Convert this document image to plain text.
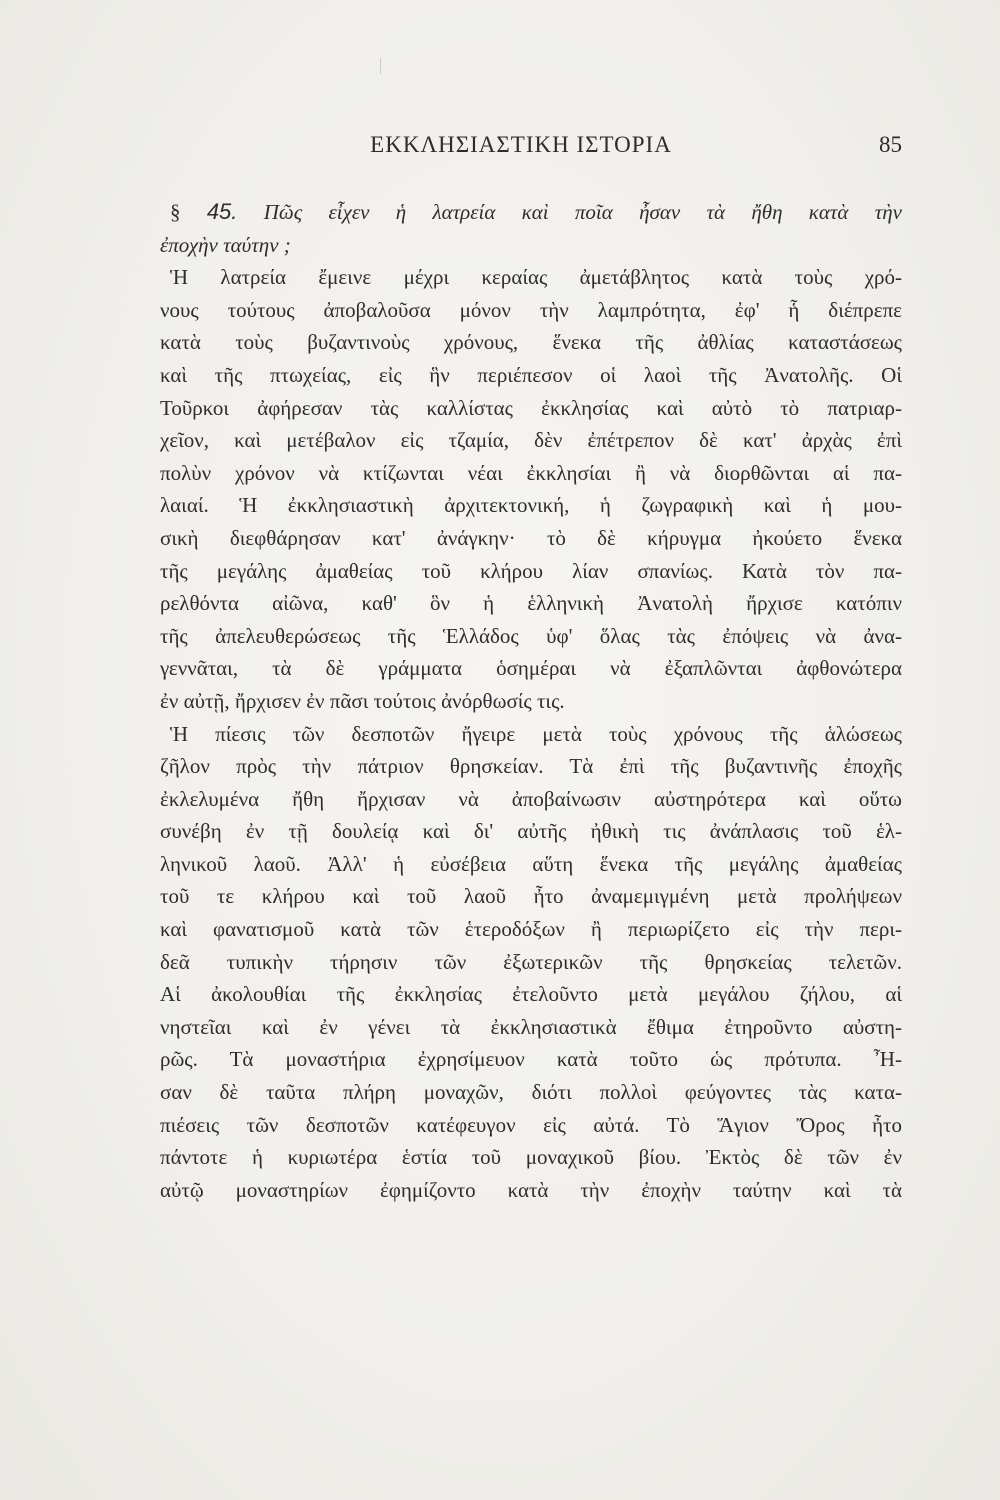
ΕΚΚΛΗΣΙΑΣΤΙΚΗ ΙΣΤΟΡΙΑ	85
§ 45. Πῶς εἶχεν ἡ λατρεία καὶ ποῖα ἦσαν τὰ ἤθη κατὰ τὴν
ἐποχὴν ταύτην ;
Ἡ λατρεία ἔμεινε μέχρι κεραίας ἀμετάβλητος κατὰ τοὺς χρό-
νους τούτους ἀποβαλοῦσα μόνον τὴν λαμπρότητα, ἐφ' ἧ διέπρεπε
κατὰ τοὺς βυζαντινοὺς χρόνους, ἕνεκα τῆς ἀθλίας καταστάσεως
καὶ τῆς πτωχείας, εἰς ἣν περιέπεσον οἱ λαοὶ τῆς Ἀνατολῆς. Οἱ
Τοῦρκοι ἀφήρεσαν τὰς καλλίστας ἐκκλησίας καὶ αὐτὸ τὸ πατριαρ-
χεῖον, καὶ μετέβαλον εἰς τζαμία, δὲν ἐπέτρεπον δὲ κατ' ἀρχὰς ἐπὶ
πολὺν χρόνον νὰ κτίζωνται νέαι ἐκκλησίαι ἢ νὰ διορθῶνται αἱ πα-
λαιαί. Ἡ ἐκκλησιαστικὴ ἀρχιτεκτονική, ἡ ζωγραφικὴ καὶ ἡ μου-
σικὴ διεφθάρησαν κατ' ἀνάγκην· τὸ δὲ κήρυγμα ἠκούετο ἕνεκα
τῆς μεγάλης ἀμαθείας τοῦ κλήρου λίαν σπανίως. Κατὰ τὸν πα-
ρελθόντα αἰῶνα, καθ' ὃν ἡ ἑλληνικὴ Ἀνατολὴ ἤρχισε κατόπιν
τῆς ἀπελευθερώσεως τῆς Ἑλλάδος ὑφ' ὅλας τὰς ἐπόψεις νὰ ἀνα-
γεννᾶται, τὰ δὲ γράμματα ὁσημέραι νὰ ἐξαπλῶνται ἀφθονώτερα
ἐν αὐτῇ, ἤρχισεν ἐν πᾶσι τούτοις ἀνόρθωσίς τις.
Ἡ πίεσις τῶν δεσποτῶν ἤγειρε μετὰ τοὺς χρόνους τῆς ἁλώσεως
ζῆλον πρὸς τὴν πάτριον θρησκείαν. Τὰ ἐπὶ τῆς βυζαντινῆς ἐποχῆς
ἐκλελυμένα ἤθη ἤρχισαν νὰ ἀποβαίνωσιν αὐστηρότερα καὶ οὕτω
συνέβη ἐν τῇ δουλείᾳ καὶ δι' αὐτῆς ἠθικὴ τις ἀνάπλασις τοῦ ἑλ-
ληνικοῦ λαοῦ. Ἀλλ' ἡ εὐσέβεια αὕτη ἕνεκα τῆς μεγάλης ἀμαθείας
τοῦ τε κλήρου καὶ τοῦ λαοῦ ἦτο ἀναμεμιγμένη μετὰ προλήψεων
καὶ φανατισμοῦ κατὰ τῶν ἑτεροδόξων ἢ περιωρίζετο εἰς τὴν περι-
δεᾶ τυπικὴν τήρησιν τῶν ἐξωτερικῶν τῆς θρησκείας τελετῶν.
Αἱ ἀκολουθίαι τῆς ἐκκλησίας ἐτελοῦντο μετὰ μεγάλου ζήλου, αἱ
νηστεῖαι καὶ ἐν γένει τὰ ἐκκλησιαστικὰ ἔθιμα ἐτηροῦντο αὐστη-
ρῶς. Τὰ μοναστήρια ἐχρησίμευον κατὰ τοῦτο ὡς πρότυπα. Ἦ-
σαν δὲ ταῦτα πλήρη μοναχῶν, διότι πολλοὶ φεύγοντες τὰς κατα-
πιέσεις τῶν δεσποτῶν κατέφευγον εἰς αὐτά. Τὸ Ἅγιον Ὄρος ἦτο
πάντοτε ἡ κυριωτέρα ἑστία τοῦ μοναχικοῦ βίου. Ἐκτὸς δὲ τῶν ἐν
αὐτῷ μοναστηρίων ἐφημίζοντο κατὰ τὴν ἐποχὴν ταύτην καὶ τὰ
